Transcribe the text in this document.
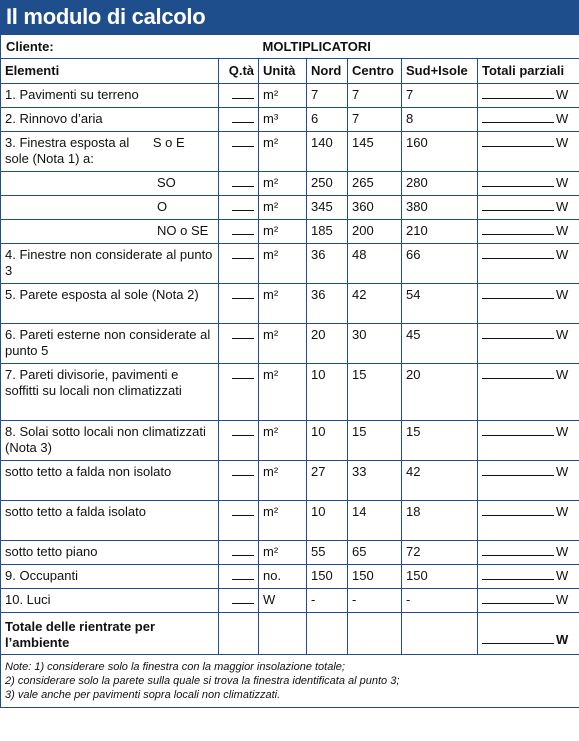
Il modulo di calcolo
Cliente:		MOLTIPLICATORI				
Elementi	Q.tà	Unità	Nord	Centro	Sud+Isole	Totali parziali
1. Pavimenti su terreno		m²	7	7	7	W
2. Rinnovo d’aria		m³	6	7	8	W

3. Finestra esposta al sole (Nota 1) a:
S o E		m²	140	145	160	W

SO		m²	250	265	280	W

O		m²	345	360	380	W

NO o SE		m²	185	200	210	W
4. Finestre non considerate al punto 3		m²	36	48	66	W
5. Parete esposta al sole (Nota 2)		m²	36	42	54	W
6. Pareti esterne non considerate al punto 5		m²	20	30	45	W
7. Pareti divisorie, pavimenti e soffitti su locali non climatizzati		m²	10	15	20	W
8. Solai sotto locali non climatizzati (Nota 3)		m²	10	15	15	W
sotto tetto a falda non isolato		m²	27	33	42	W
sotto tetto a falda isolato		m²	10	14	18	W
sotto tetto piano		m²	55	65	72	W
9. Occupanti		no.	150	150	150	W
10. Luci		W	-	-	-	W
Totale delle rientrate per l’ambiente						W

Note: 1) considerare solo la finestra con la maggior insolazione totale;
2) considerare solo la parete sulla quale si trova la finestra identificata al punto 3;
3) vale anche per pavimenti sopra locali non climatizzati.						
